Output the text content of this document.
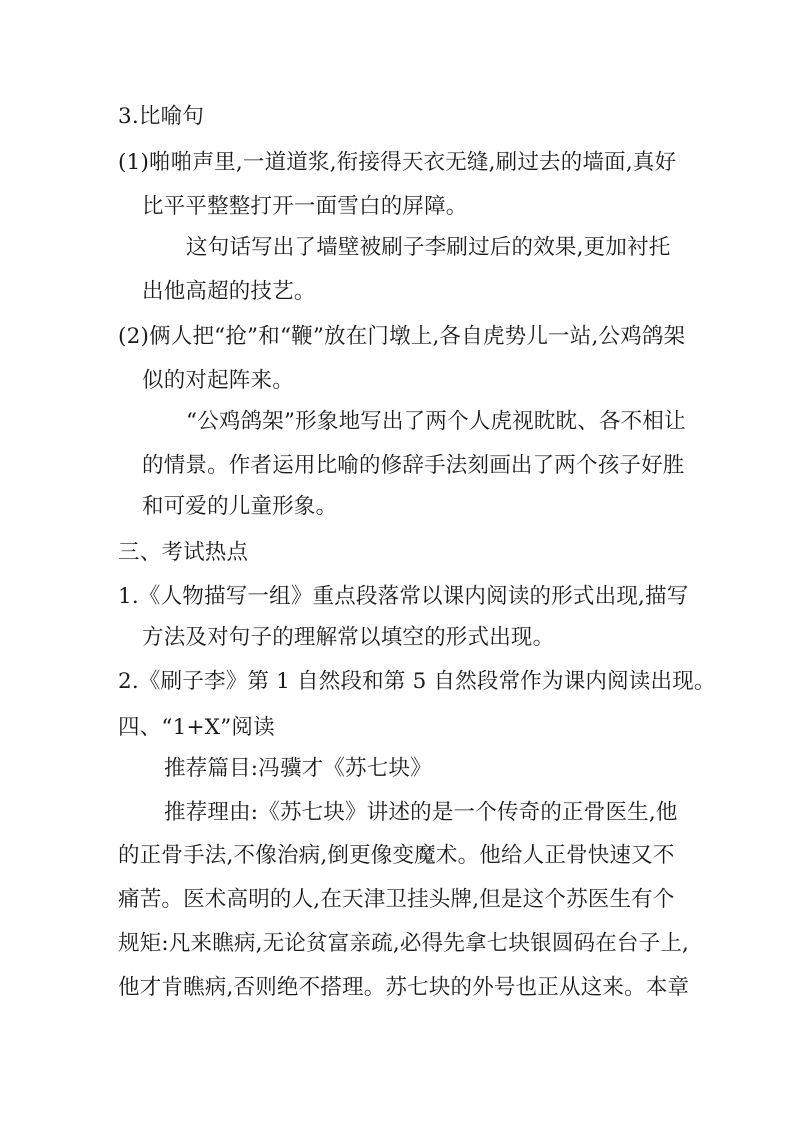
3.比喻句
(1)啪啪声里,一道道浆,衔接得天衣无缝,刷过去的墙面,真好
比平平整整打开一面雪白的屏障。
这句话写出了墙壁被刷子李刷过后的效果,更加衬托
出他高超的技艺。
(2)俩人把“抢”和“鞭”放在门墩上,各自虎势儿一站,公鸡鸽架
似的对起阵来。
“公鸡鸽架”形象地写出了两个人虎视眈眈、各不相让
的情景。作者运用比喻的修辞手法刻画出了两个孩子好胜
和可爱的儿童形象。
三、考试热点
1.《人物描写一组》重点段落常以课内阅读的形式出现,描写
方法及对句子的理解常以填空的形式出现。
2.《刷子李》第 1 自然段和第 5 自然段常作为课内阅读出现。
四、“1+X”阅读
推荐篇目:冯骥才《苏七块》
推荐理由:《苏七块》讲述的是一个传奇的正骨医生,他
的正骨手法,不像治病,倒更像变魔术。他给人正骨快速又不
痛苦。医术高明的人,在天津卫挂头牌,但是这个苏医生有个
规矩:凡来瞧病,无论贫富亲疏,必得先拿七块银圆码在台子上,
他才肯瞧病,否则绝不搭理。苏七块的外号也正从这来。本章
